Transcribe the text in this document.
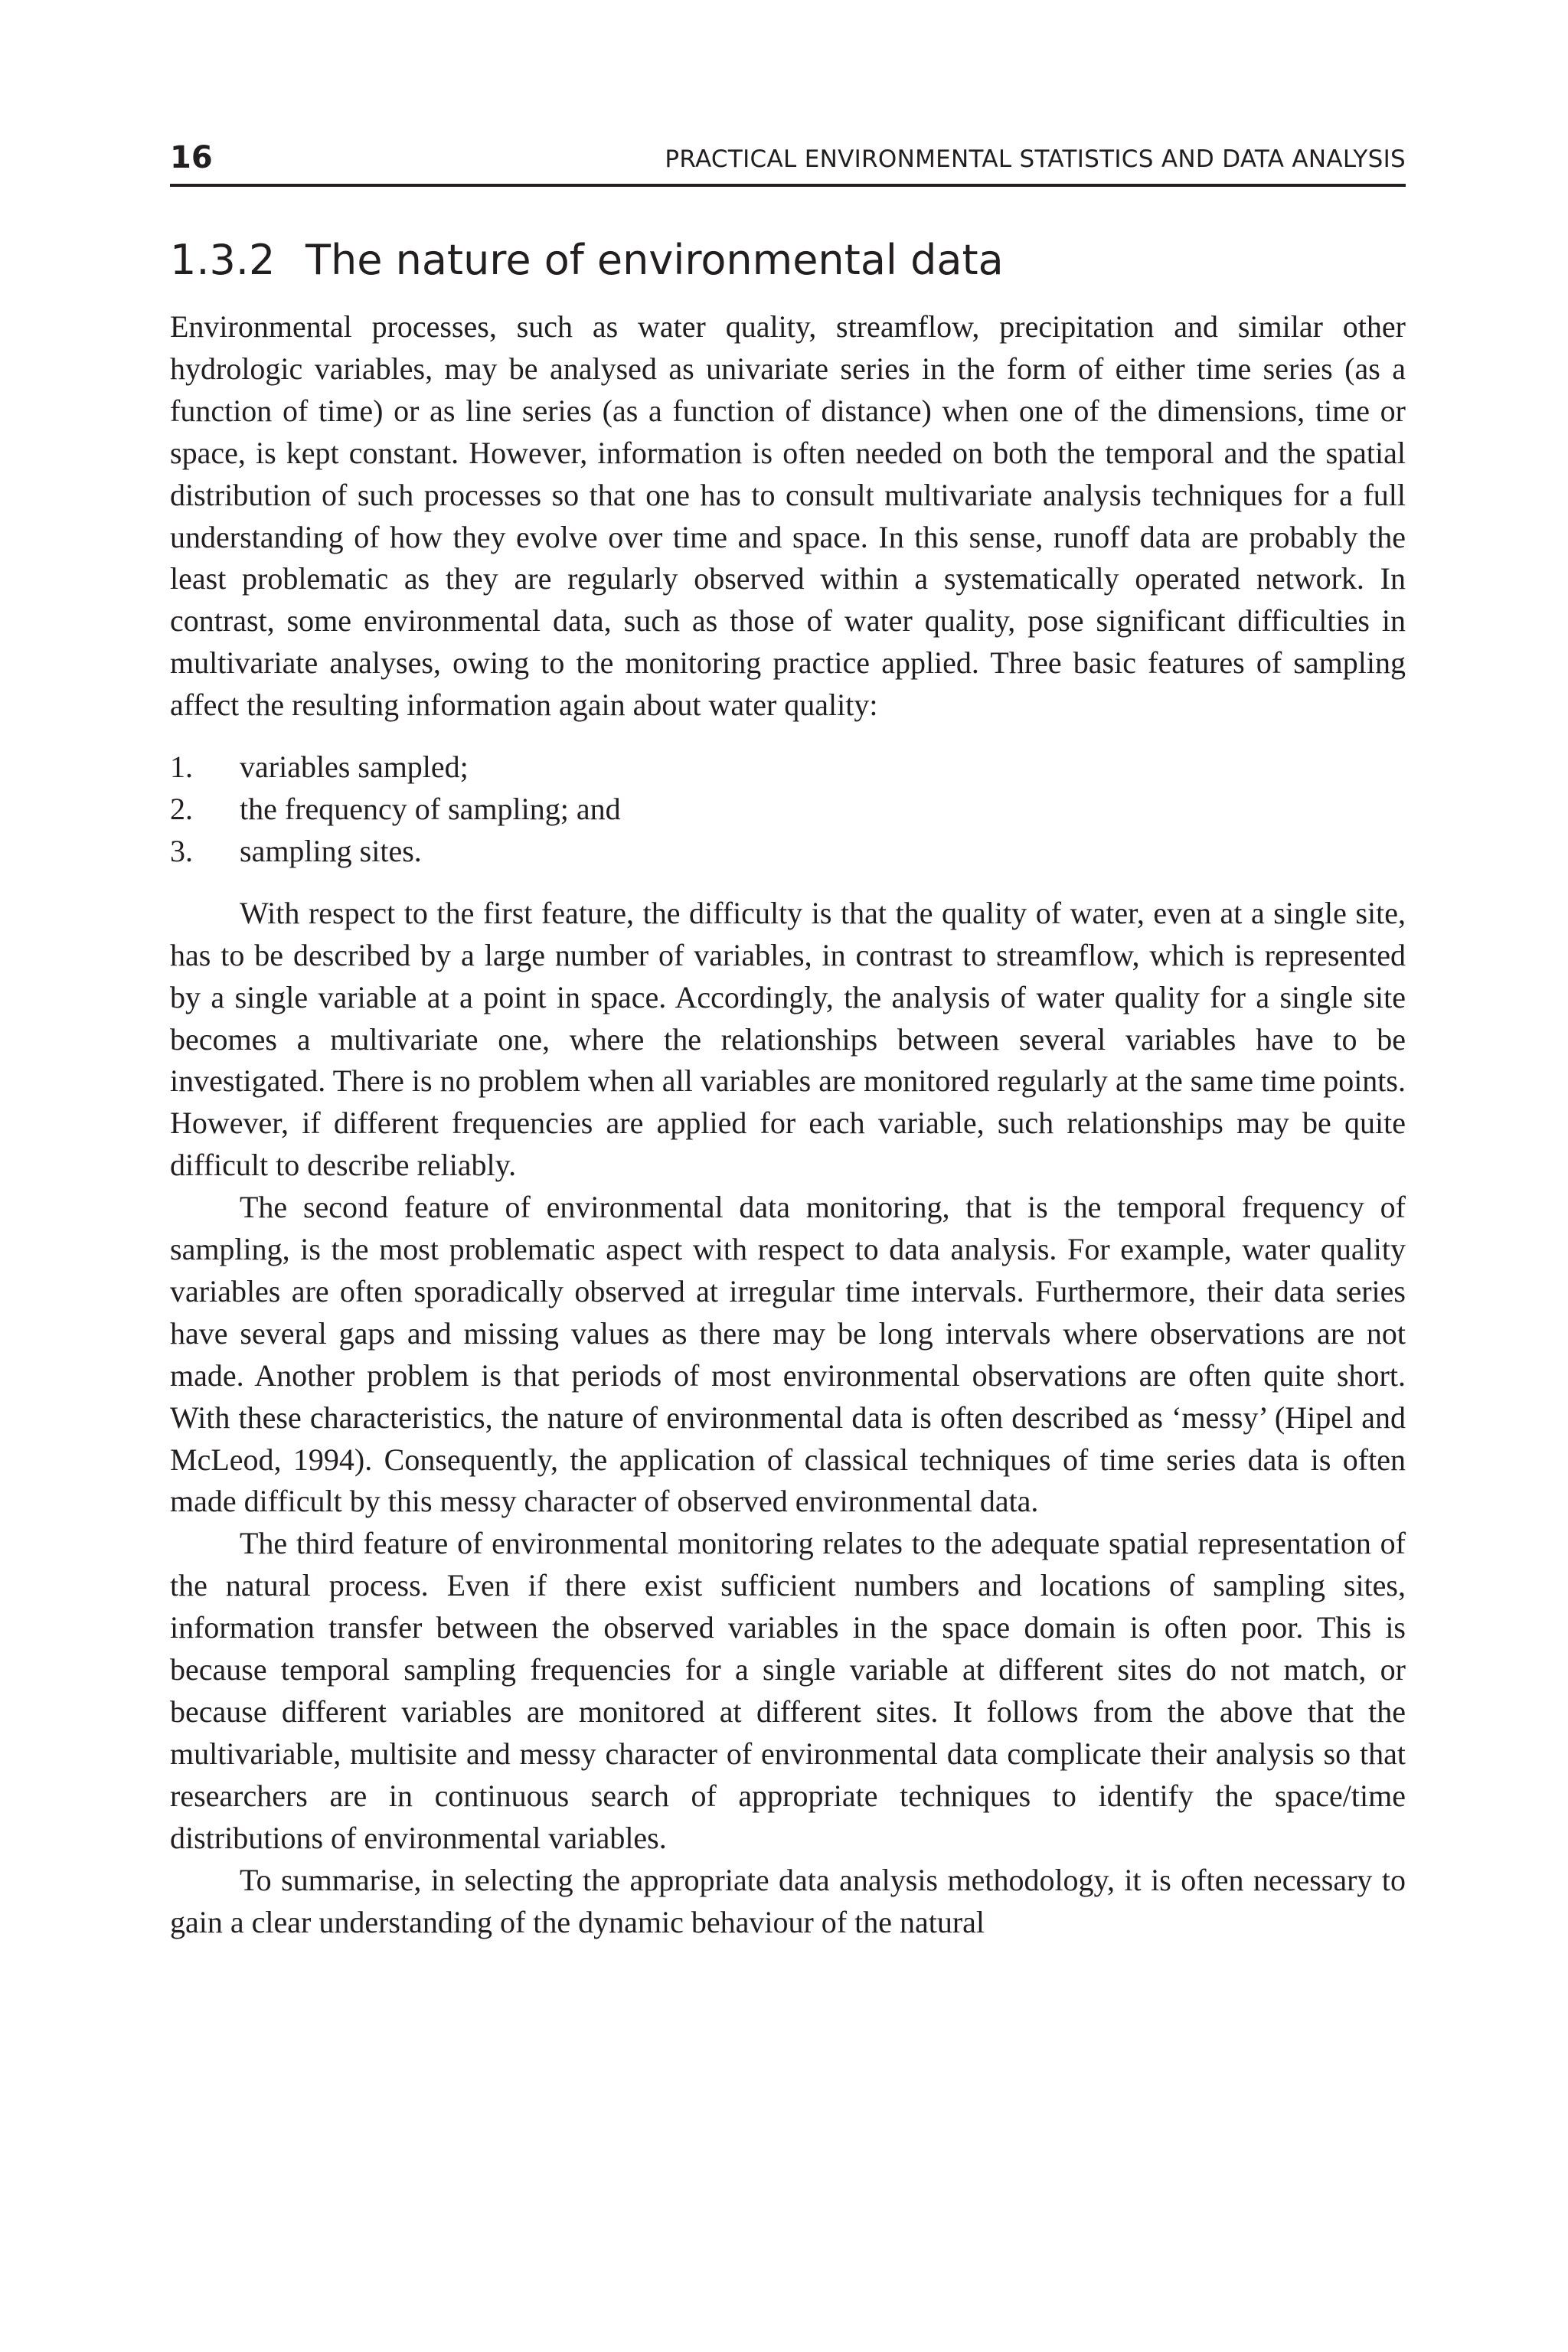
16	PRACTICAL ENVIRONMENTAL STATISTICS AND DATA ANALYSIS
1.3.2 The nature of environmental data

Environmental processes, such as water quality, streamflow, precipitation and similar other hydrologic variables, may be analysed as univariate series in the form of either time series (as a function of time) or as line series (as a function of distance) when one of the dimensions, time or space, is kept constant. However, information is often needed on both the temporal and the spatial distribution of such processes so that one has to consult multivariate analysis techniques for a full understanding of how they evolve over time and space. In this sense, runoff data are probably the least problematic as they are regularly observed within a systematically operated network. In contrast, some environmental data, such as those of water quality, pose significant difficulties in multivariate analyses, owing to the monitoring practice applied. Three basic features of sampling affect the resulting information again about water quality:

1. variables sampled;
2. the frequency of sampling; and
3. sampling sites.

With respect to the first feature, the difficulty is that the quality of water, even at a single site, has to be described by a large number of variables, in contrast to streamflow, which is represented by a single variable at a point in space. Accordingly, the analysis of water quality for a single site becomes a multivariate one, where the relationships between several variables have to be investigated. There is no problem when all variables are monitored regularly at the same time points. However, if different frequencies are applied for each variable, such relationships may be quite difficult to describe reliably.

The second feature of environmental data monitoring, that is the temporal frequency of sampling, is the most problematic aspect with respect to data analysis. For example, water quality variables are often sporadically observed at irregular time intervals. Furthermore, their data series have several gaps and missing values as there may be long intervals where observations are not made. Another problem is that periods of most environmental observations are often quite short. With these characteristics, the nature of environmental data is often described as ‘messy’ (Hipel and McLeod, 1994). Consequently, the application of classical techniques of time series data is often made difficult by this messy character of observed environmental data.

The third feature of environmental monitoring relates to the adequate spatial representation of the natural process. Even if there exist sufficient numbers and locations of sampling sites, information transfer between the observed variables in the space domain is often poor. This is because temporal sampling frequencies for a single variable at different sites do not match, or because different variables are monitored at different sites. It follows from the above that the multivariable, multisite and messy character of environmental data complicate their analysis so that researchers are in continuous search of appropriate techniques to identify the space/time distributions of environmental variables.

To summarise, in selecting the appropriate data analysis methodology, it is often necessary to gain a clear understanding of the dynamic behaviour of the natural
